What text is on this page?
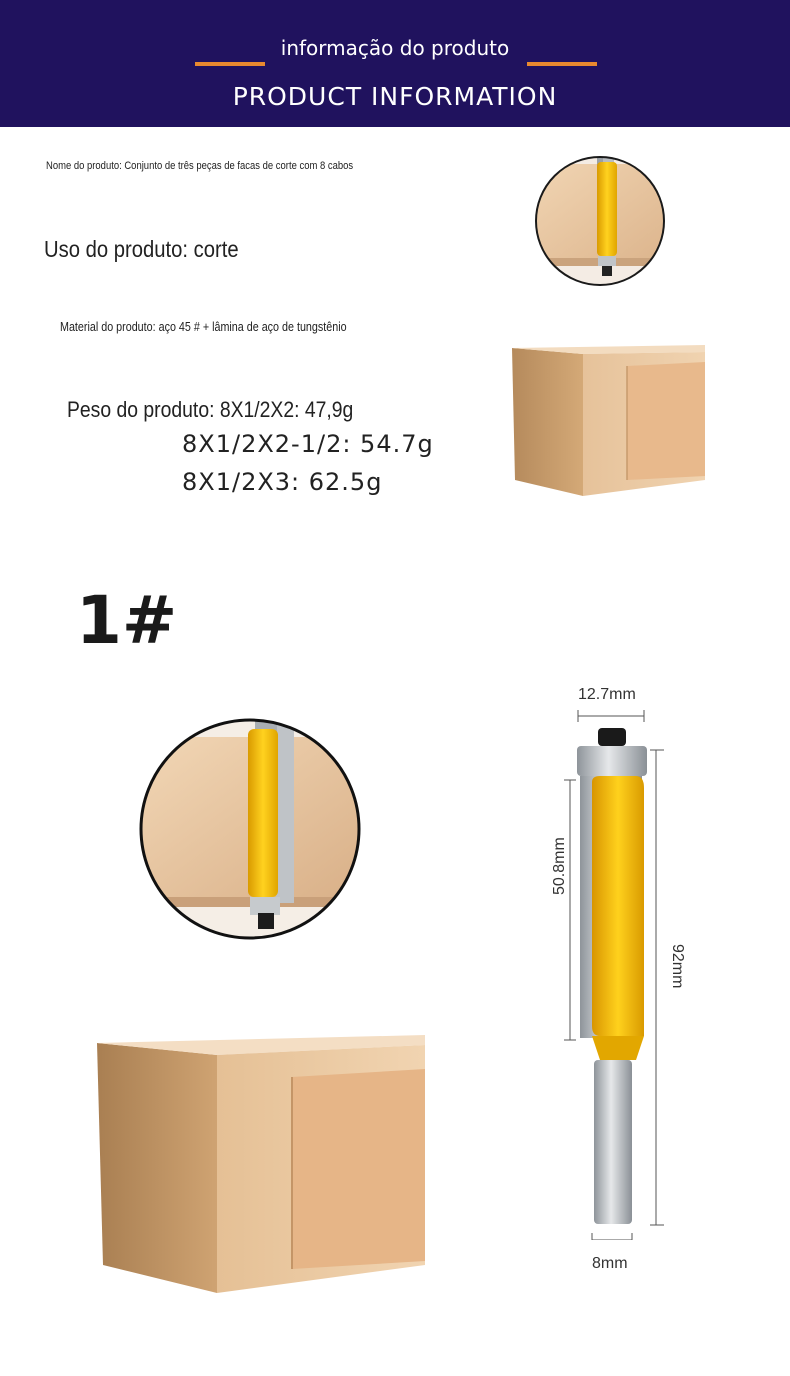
informação do produto
PRODUCT INFORMATION
Nome do produto: Conjunto de três peças de facas de corte com 8 cabos
Uso do produto: corte
Material do produto: aço 45 # + lâmina de aço de tungstênio
Peso do produto: 8X1/2X2: 47,9g
8X1/2X2-1/2: 54.7g
8X1/2X3: 62.5g
1#
12.7mm
8mm
50.8mm
92mm
